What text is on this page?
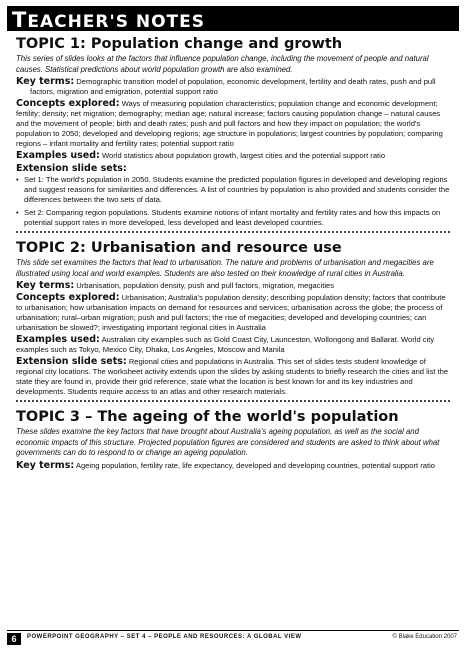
TEACHER'S NOTES
TOPIC 1: Population change and growth
This series of slides looks at the factors that influence population change, including the movement of people and natural causes. Statistical predictions about world population growth are also examined.
Key terms: Demographic transition model of population, economic development, fertility and death rates, push and pull factors, migration and emigration, potential support ratio
Concepts explored: Ways of measuring population characteristics; population change and economic development; fertility; density; net migration; demography; median age; natural increase; factors causing population change – natural causes and the movement of people; birth and death rates; push and pull factors and how they impact on population; the world's population to 2050; developed and developing regions; age structure in populations; largest countries by population; comparing regions – infant mortality and fertility rates; potential support ratio
Examples used: World statistics about population growth, largest cities and the potential support ratio
Extension slide sets:
• Set 1: The world's population in 2050. Students examine the predicted population figures in developed and developing regions and suggest reasons for similarities and differences. A list of countries by population is also provided and students consider the differences between the two sets of data.
• Set 2: Comparing region populations. Students examine notions of infant mortality and fertility rates and how this impacts on potential support rates in more developed, less developed and least developed countries.
TOPIC 2: Urbanisation and resource use
This slide set examines the factors that lead to urbanisation. The nature and problems of urbanisation and megacities are illustrated using local and world examples. Students are also tested on their knowledge of rural cities in Australia.
Key terms: Urbanisation, population density, push and pull factors, migration, megacities
Concepts explored: Urbanisation; Australia's population density; describing population density; factors that contribute to urbanisation; how urbanisation impacts on demand for resources and services; urbanisation across the globe; the process of urbanisation; rural–urban migration; push and pull factors; the rise of megacities; developed and developing countries; can urbanisation be slowed?; investigating important regional cities in Australia
Examples used: Australian city examples such as Gold Coast City, Launceston, Wollongong and Ballarat. World city examples such as Tokyo, Mexico City, Dhaka, Los Angeles, Moscow and Manila
Extension slide sets: Regional cities and populations in Australia. This set of slides tests student knowledge of regional city locations. The worksheet activity extends upon the slides by asking students to briefly research the cities and list the state they are found in, provide their grid reference, state what the location is best known for and its key industries and developments. Students require access to an atlas and other research materials.
TOPIC 3 – The ageing of the world's population
These slides examine the key factors that have brought about Australia's ageing population, as well as the social and economic impacts of this structure. Projected population figures are considered and students are asked to think about what governments can do to respond to or change an ageing population.
Key terms: Ageing population, fertility rate, life expectancy, developed and developing countries, potential support ratio
6	POWERPOINT GEOGRAPHY – SET 4 – PEOPLE AND RESOURCES: A GLOBAL VIEW	© Blake Education 2007
